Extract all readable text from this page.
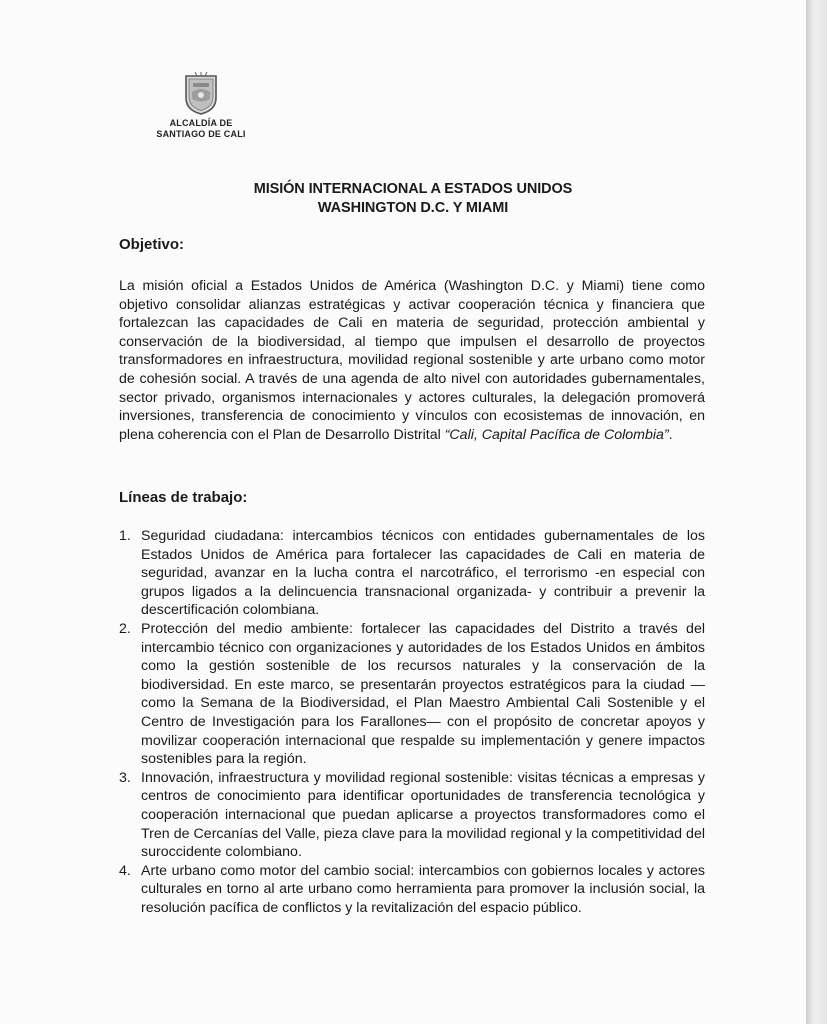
ALCALDÍA DE
SANTIAGO DE CALI
MISIÓN INTERNACIONAL A ESTADOS UNIDOS
WASHINGTON D.C. Y MIAMI
Objetivo:
La misión oficial a Estados Unidos de América (Washington D.C. y Miami) tiene como objetivo consolidar alianzas estratégicas y activar cooperación técnica y financiera que fortalezcan las capacidades de Cali en materia de seguridad, protección ambiental y conservación de la biodiversidad, al tiempo que impulsen el desarrollo de proyectos transformadores en infraestructura, movilidad regional sostenible y arte urbano como motor de cohesión social. A través de una agenda de alto nivel con autoridades gubernamentales, sector privado, organismos internacionales y actores culturales, la delegación promoverá inversiones, transferencia de conocimiento y vínculos con ecosistemas de innovación, en plena coherencia con el Plan de Desarrollo Distrital “Cali, Capital Pacífica de Colombia”.
Líneas de trabajo:
1. Seguridad ciudadana: intercambios técnicos con entidades gubernamentales de los Estados Unidos de América para fortalecer las capacidades de Cali en materia de seguridad, avanzar en la lucha contra el narcotráfico, el terrorismo -en especial con grupos ligados a la delincuencia transnacional organizada- y contribuir a prevenir la descertificación colombiana.
2. Protección del medio ambiente: fortalecer las capacidades del Distrito a través del intercambio técnico con organizaciones y autoridades de los Estados Unidos en ámbitos como la gestión sostenible de los recursos naturales y la conservación de la biodiversidad. En este marco, se presentarán proyectos estratégicos para la ciudad —como la Semana de la Biodiversidad, el Plan Maestro Ambiental Cali Sostenible y el Centro de Investigación para los Farallones— con el propósito de concretar apoyos y movilizar cooperación internacional que respalde su implementación y genere impactos sostenibles para la región.
3. Innovación, infraestructura y movilidad regional sostenible: visitas técnicas a empresas y centros de conocimiento para identificar oportunidades de transferencia tecnológica y cooperación internacional que puedan aplicarse a proyectos transformadores como el Tren de Cercanías del Valle, pieza clave para la movilidad regional y la competitividad del suroccidente colombiano.
4. Arte urbano como motor del cambio social: intercambios con gobiernos locales y actores culturales en torno al arte urbano como herramienta para promover la inclusión social, la resolución pacífica de conflictos y la revitalización del espacio público.
